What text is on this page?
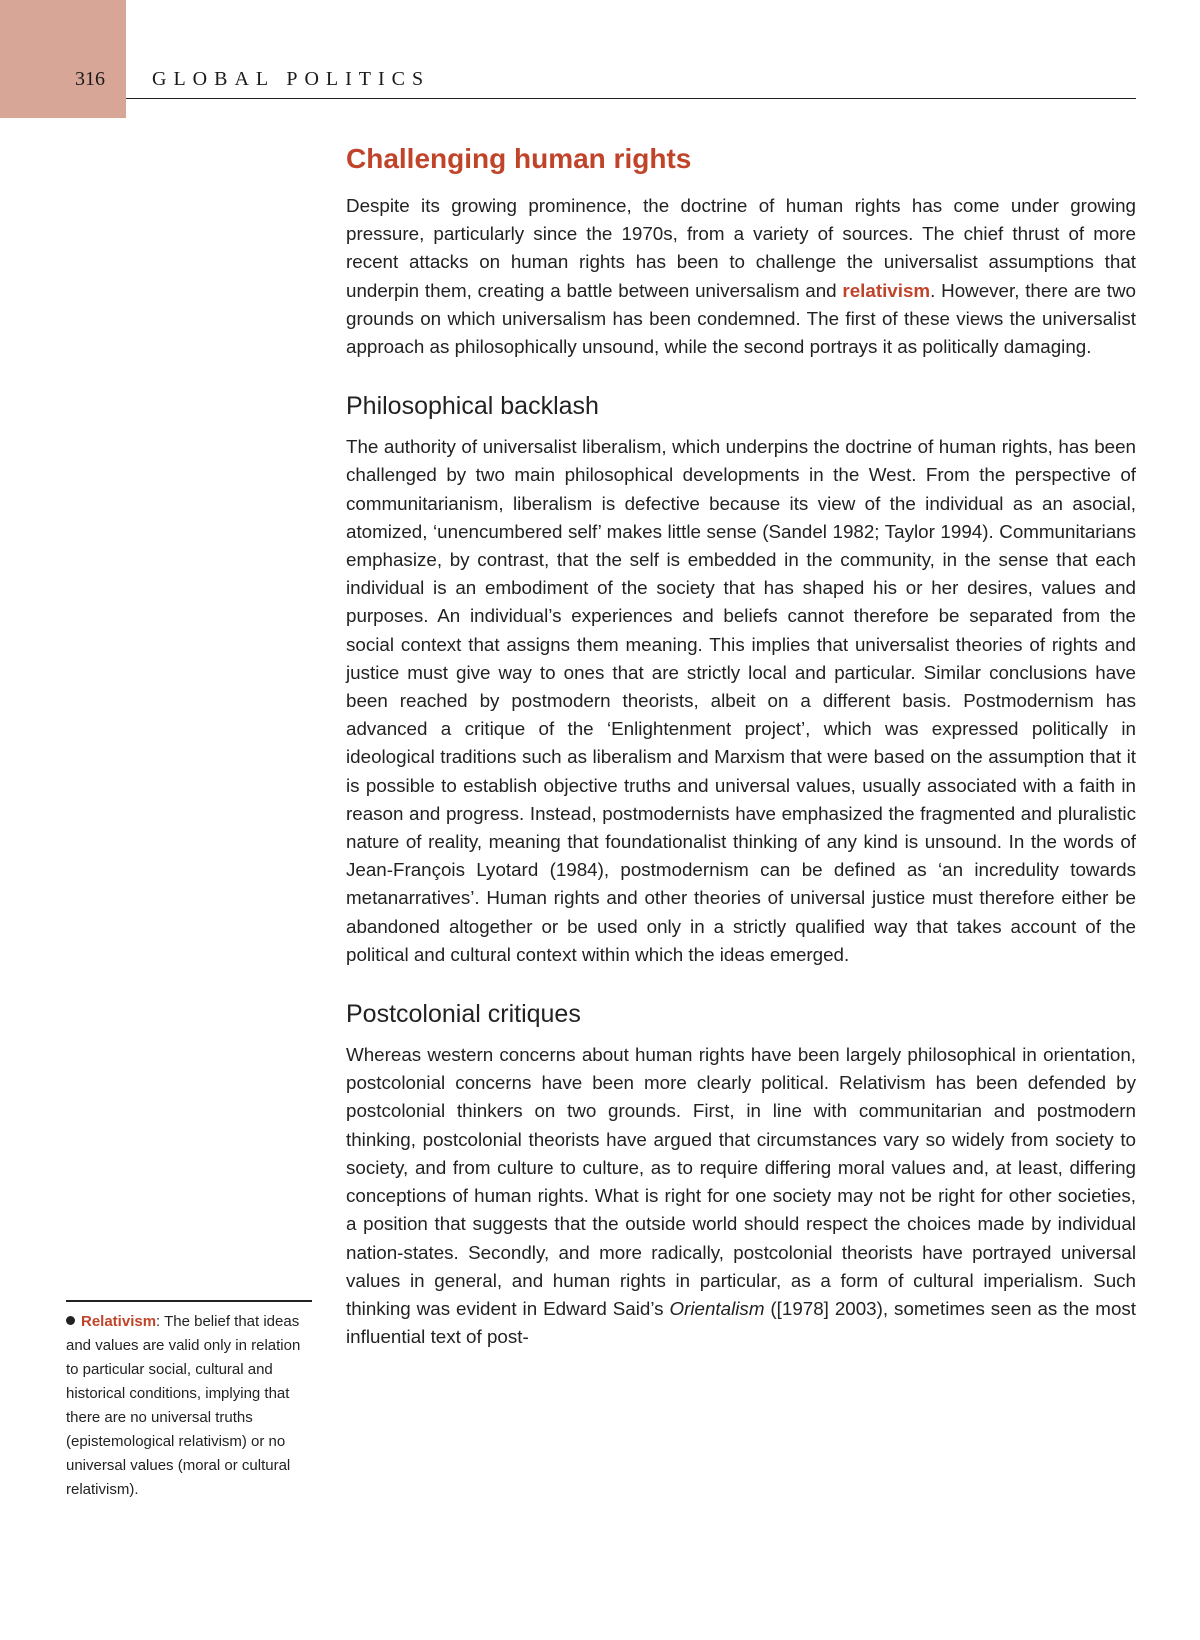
316 GLOBAL POLITICS
Challenging human rights

Despite its growing prominence, the doctrine of human rights has come under growing pressure, particularly since the 1970s, from a variety of sources. The chief thrust of more recent attacks on human rights has been to challenge the universalist assumptions that underpin them, creating a battle between universalism and relativism. However, there are two grounds on which universalism has been condemned. The first of these views the universalist approach as philosophically unsound, while the second portrays it as politically damaging.

Philosophical backlash

The authority of universalist liberalism, which underpins the doctrine of human rights, has been challenged by two main philosophical developments in the West. From the perspective of communitarianism, liberalism is defective because its view of the individual as an asocial, atomized, ‘unencumbered self’ makes little sense (Sandel 1982; Taylor 1994). Communitarians emphasize, by contrast, that the self is embedded in the community, in the sense that each individual is an embodiment of the society that has shaped his or her desires, values and purposes. An individual’s experiences and beliefs cannot therefore be separated from the social context that assigns them meaning. This implies that universalist theories of rights and justice must give way to ones that are strictly local and particular. Similar conclusions have been reached by postmodern theorists, albeit on a different basis. Postmodernism has advanced a critique of the ‘Enlightenment project’, which was expressed politically in ideological traditions such as liberalism and Marxism that were based on the assumption that it is possible to establish objective truths and universal values, usually associated with a faith in reason and progress. Instead, postmodernists have emphasized the fragmented and pluralistic nature of reality, meaning that foundationalist thinking of any kind is unsound. In the words of Jean-François Lyotard (1984), postmodernism can be defined as ‘an incredulity towards metanarratives’. Human rights and other theories of universal justice must therefore either be abandoned altogether or be used only in a strictly qualified way that takes account of the political and cultural context within which the ideas emerged.

Postcolonial critiques

Whereas western concerns about human rights have been largely philosophical in orientation, postcolonial concerns have been more clearly political. Relativism has been defended by postcolonial thinkers on two grounds. First, in line with communitarian and postmodern thinking, postcolonial theorists have argued that circumstances vary so widely from society to society, and from culture to culture, as to require differing moral values and, at least, differing conceptions of human rights. What is right for one society may not be right for other societies, a position that suggests that the outside world should respect the choices made by individual nation-states. Secondly, and more radically, postcolonial theorists have portrayed universal values in general, and human rights in particular, as a form of cultural imperialism. Such thinking was evident in Edward Said’s Orientalism ([1978] 2003), sometimes seen as the most influential text of post-

Relativism: The belief that ideas and values are valid only in relation to particular social, cultural and historical conditions, implying that there are no universal truths (epistemological relativism) or no universal values (moral or cultural relativism).
